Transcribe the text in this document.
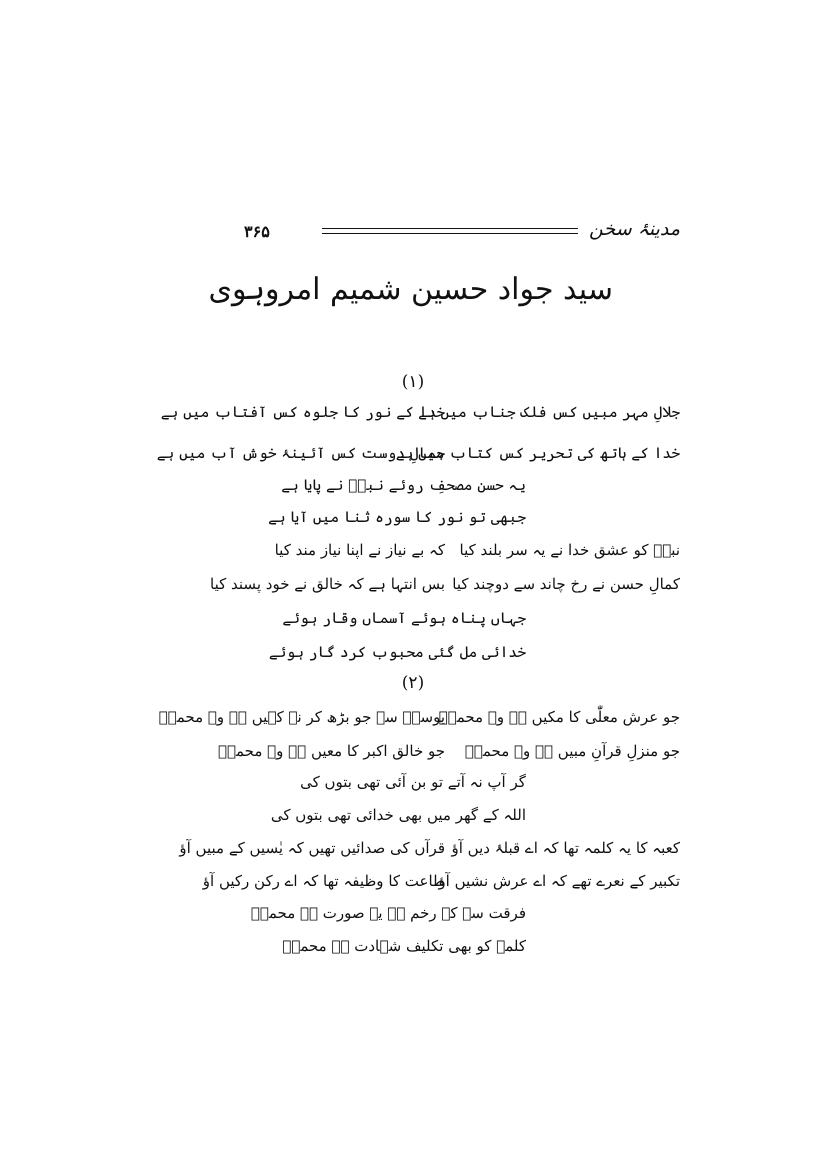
مدینۂ سخن
۳۶۵
سید جواد حسین شمیم امروہوی
(۱)
جلالِ مہر مبیں کس فلک جناب میں ہے
خدا کے نور کا جلوہ کس آفتاب میں ہے
خدا کے ہاتھ کی تحریر کس کتاب میں ہے
جمالِ دوست کس آئینۂ خوش آب میں ہے
یہ حسن مصحفِ روئے نبیؐ نے پایا ہے
جبھی تو نور کا سورہ ثنا میں آیا ہے
نبیؐ کو عشق خدا نے یہ سر بلند کیا
کہ بے نیاز نے اپنا نیاز مند کیا
کمالِ حسن نے رخ چاند سے دوچند کیا
بس انتہا ہے کہ خالق نے خود پسند کیا
جہاں پناہ ہوئے آسماں وقار ہوئے
خدائی مل گئی محبوب کرد گار ہوئے
(۲)
جو عرش معلّٰی کا مکیں ہے وہ محمدؐ
یوسفؑ سے جو بڑھ کر نہ کہیں ہے وہ محمدؐ
جو منزلِ قرآنِ مبیں ہے وہ محمدؐ
جو خالق اکبر کا معیں ہے وہ محمدؐ
گر آپ نہ آتے تو بن آئی تھی بتوں کی
اللہ کے گھر میں بھی خدائی تھی بتوں کی
کعبہ کا یہ کلمہ تھا کہ اے قبلۂ دیں آؤ
قرآں کی صدائیں تھیں کہ یٰسیں کے مبیں آؤ
تکبیر کے نعرے تھے کہ اے عرش نشیں آؤ
طاعت کا وظیفہ تھا کہ اے رکن رکیں آؤ
فرقت سے کہ رخم ہے یہ صورت ہے محمدؐ
کلمہ کو بھی تکلیف شہادت ہے محمدؐ
